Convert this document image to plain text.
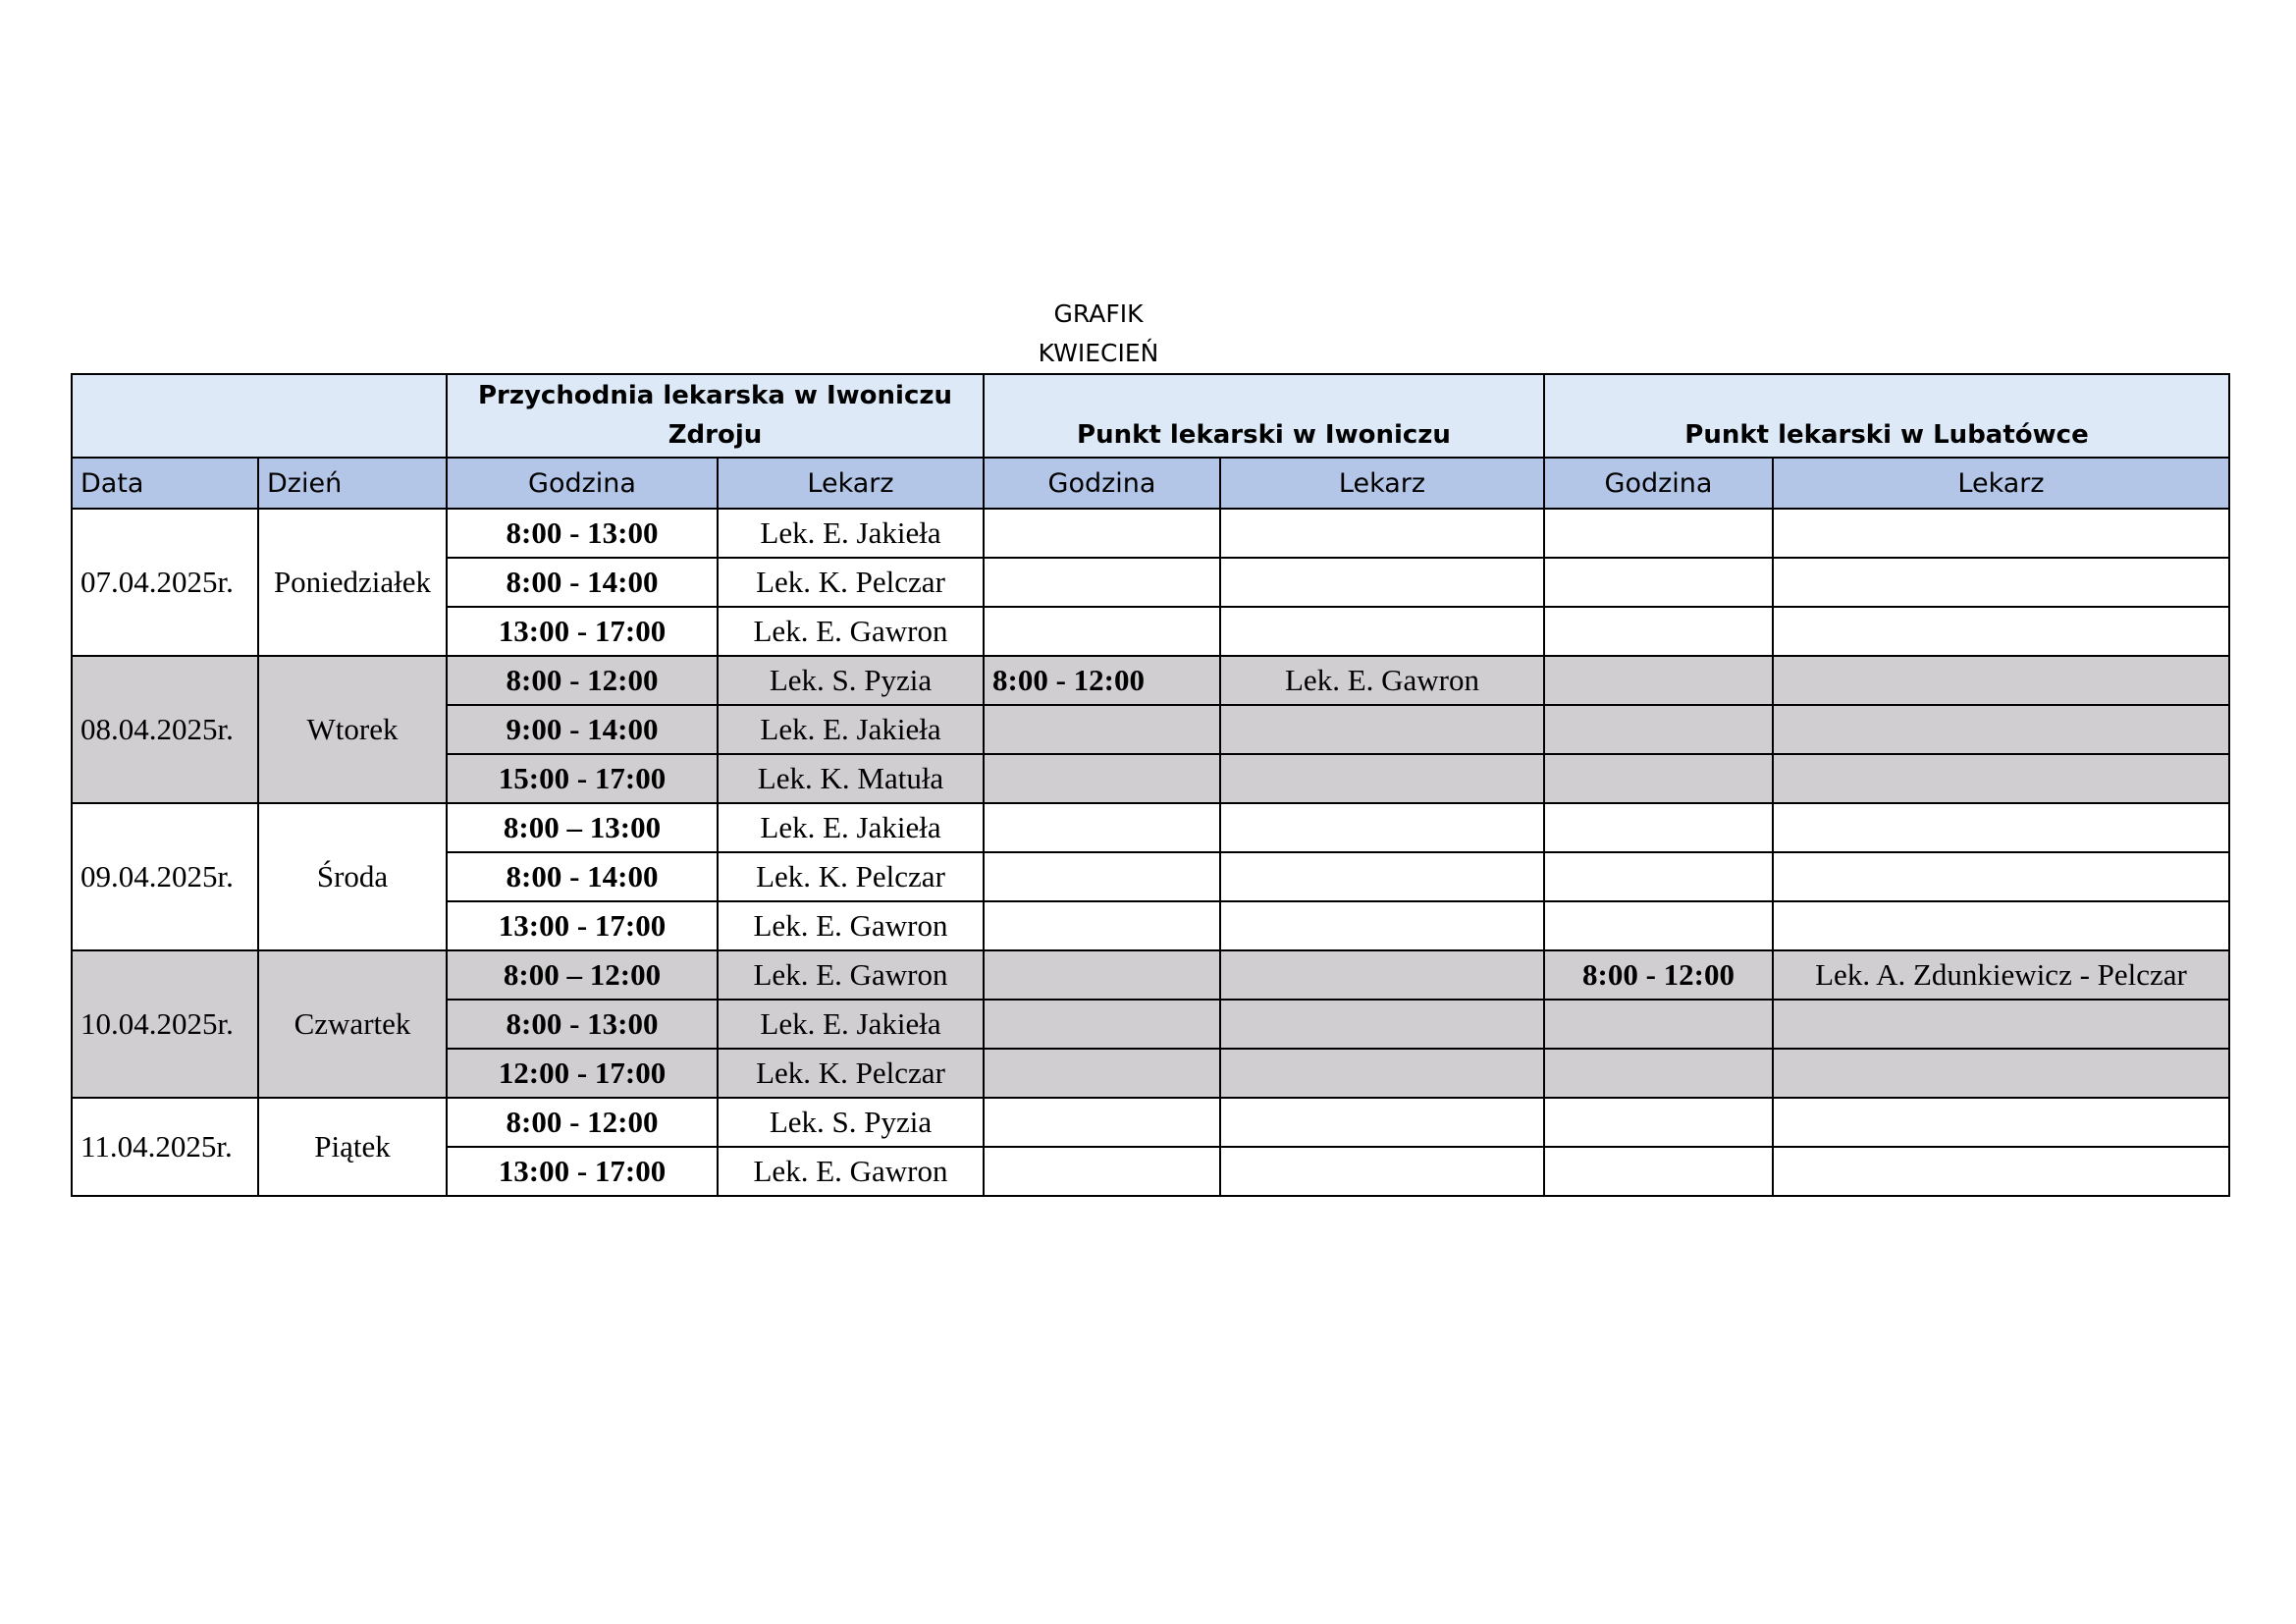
GRAFIK
KWIECIEŃ
		Przychodnia lekarska w Iwoniczu Zdroju		Punkt lekarski w Iwoniczu		Punkt lekarski w Lubatówce	
Data	Dzień	Godzina	Lekarz	Godzina	Lekarz	Godzina	Lekarz
07.04.2025r.	Poniedziałek	8:00 - 13:00	Lek. E. Jakieła				
		8:00 - 14:00	Lek. K. Pelczar				
		13:00 - 17:00	Lek. E. Gawron				
08.04.2025r.	Wtorek	8:00 - 12:00	Lek. S. Pyzia	8:00 - 12:00	Lek. E. Gawron		
		9:00 - 14:00	Lek. E. Jakieła				
		15:00 - 17:00	Lek. K. Matuła				
09.04.2025r.	Środa	8:00 – 13:00	Lek. E. Jakieła				
		8:00 - 14:00	Lek. K. Pelczar				
		13:00 - 17:00	Lek. E. Gawron				
10.04.2025r.	Czwartek	8:00 – 12:00	Lek. E. Gawron			8:00 - 12:00	Lek. A. Zdunkiewicz - Pelczar
		8:00 - 13:00	Lek. E. Jakieła				
		12:00 - 17:00	Lek. K. Pelczar				
11.04.2025r.	Piątek	8:00 - 12:00	Lek. S. Pyzia				
		13:00 - 17:00	Lek. E. Gawron				
